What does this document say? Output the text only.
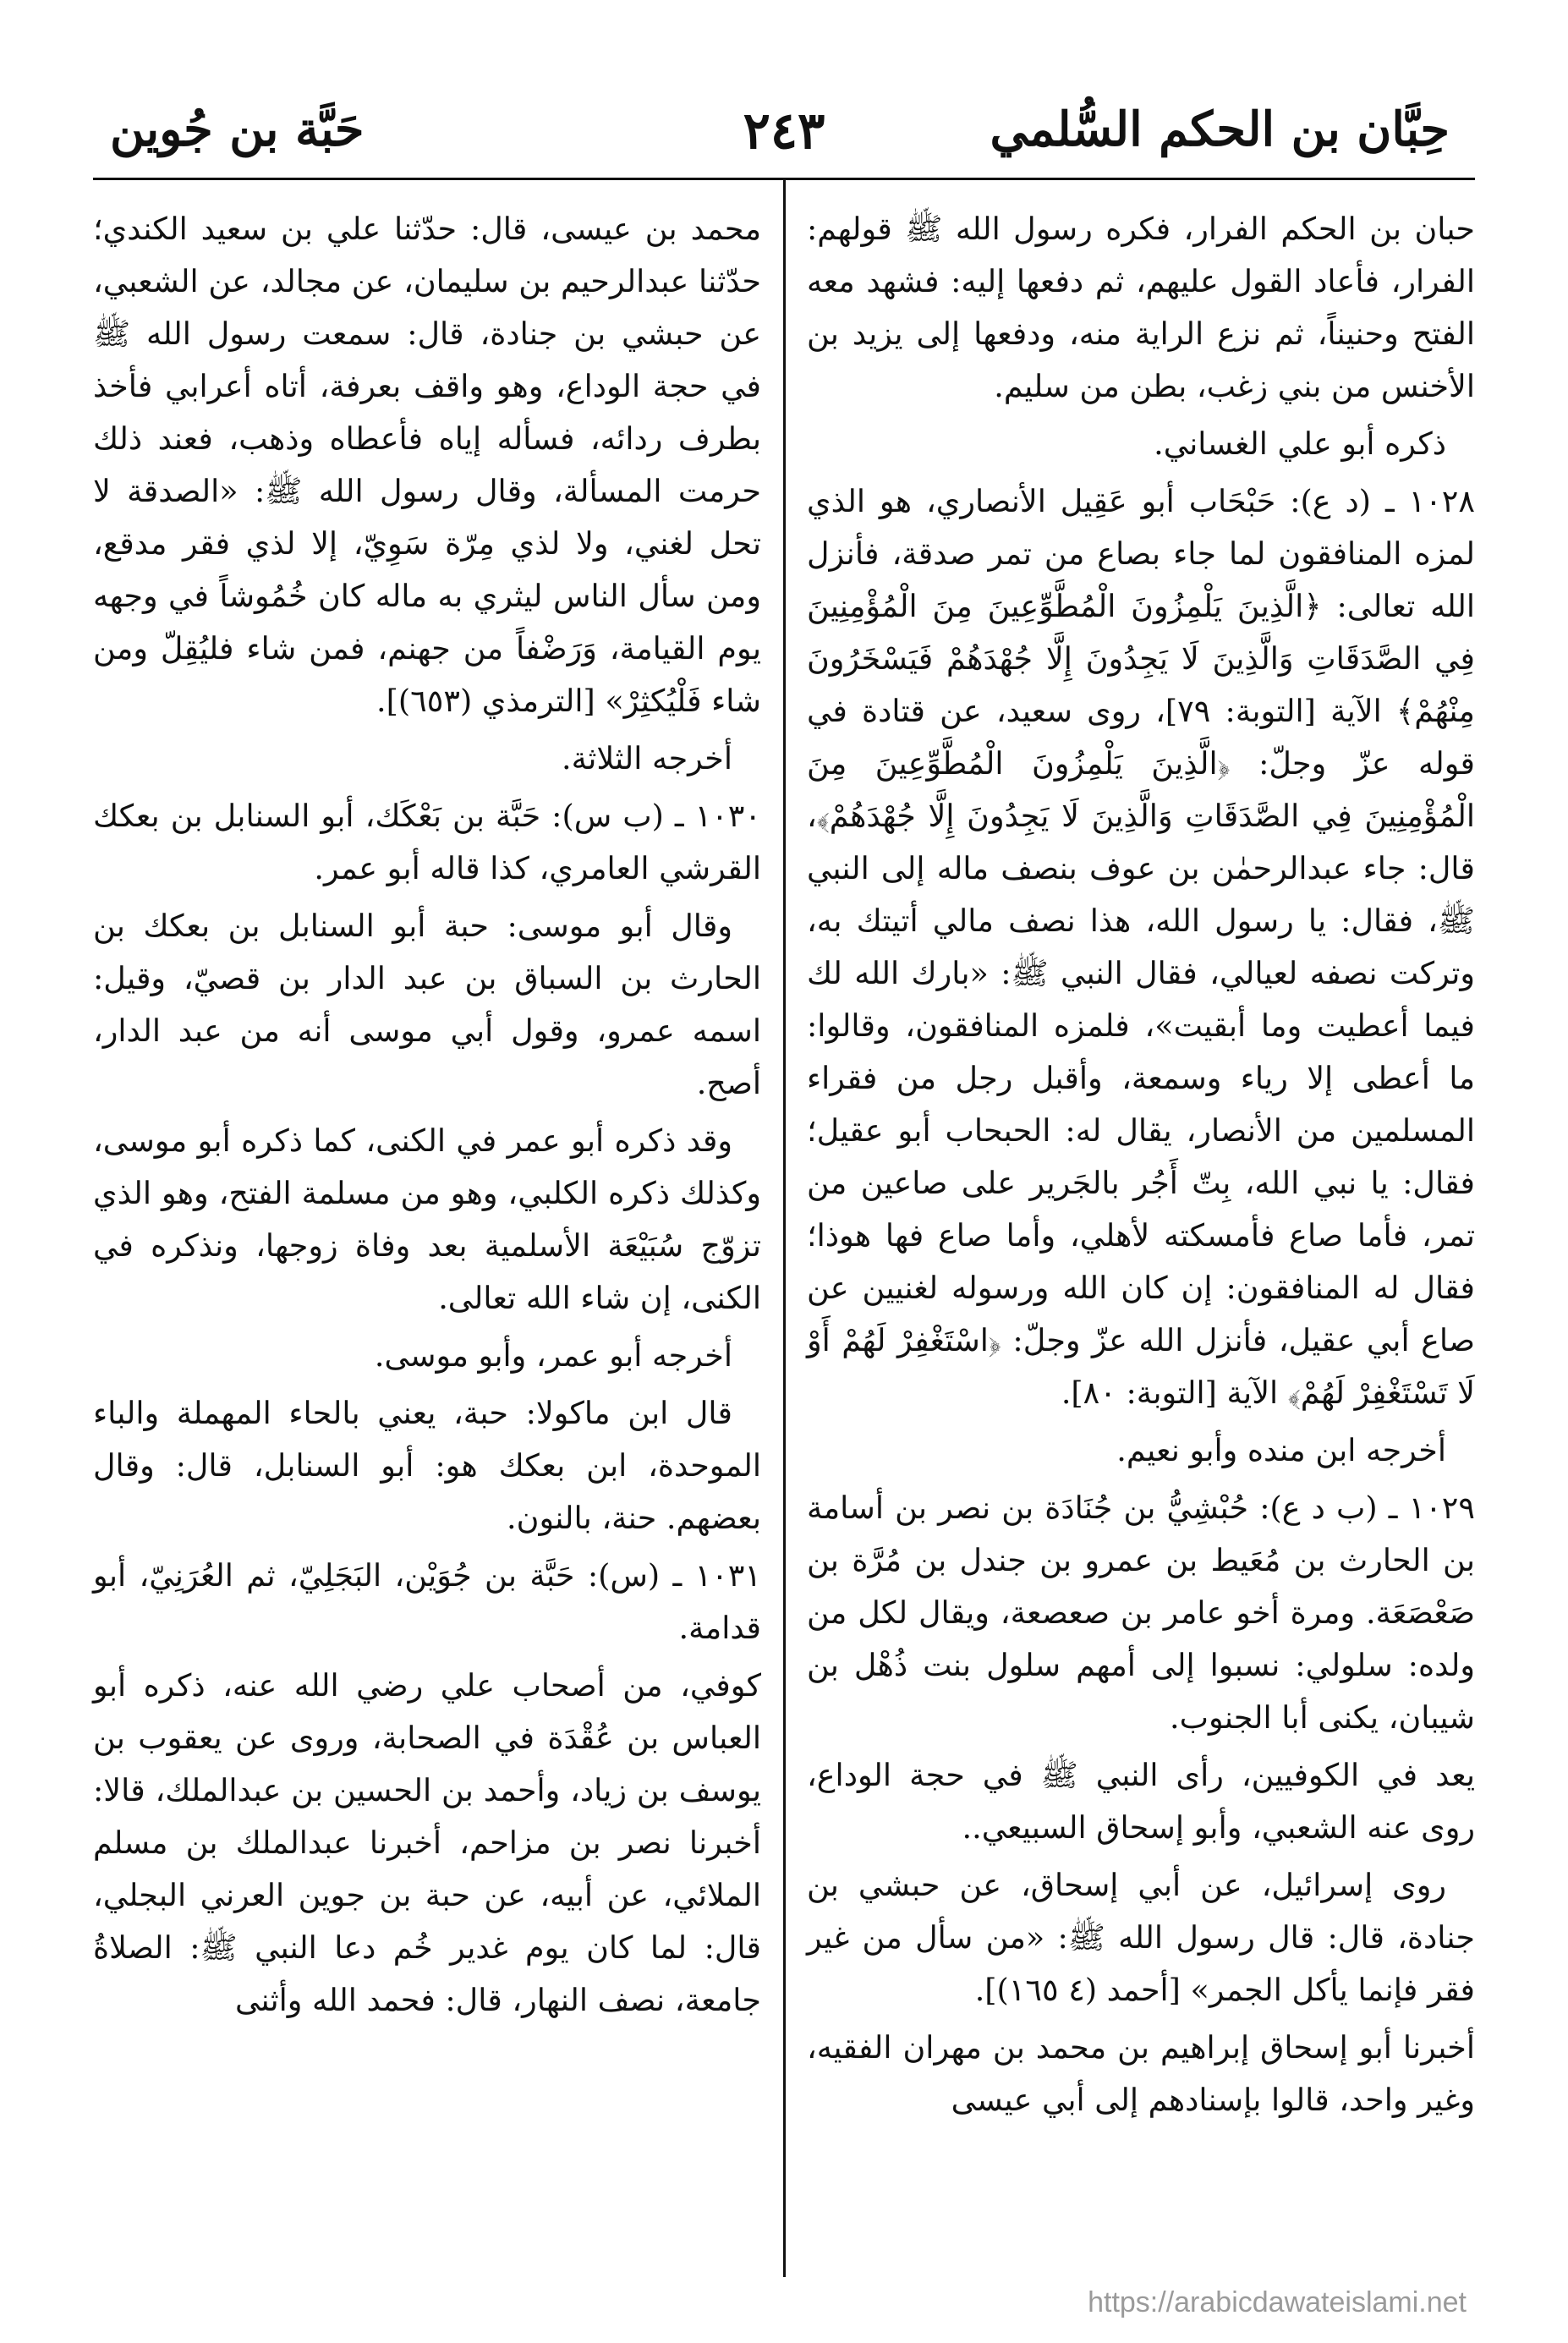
حِبَّان بن الحكم السُّلمي
٢٤٣
حَبَّة بن جُوين

حبان بن الحكم الفرار، فكره رسول الله ﷺ قولهم: الفرار، فأعاد القول عليهم، ثم دفعها إليه: فشهد معه الفتح وحنيناً، ثم نزع الراية منه، ودفعها إلى يزيد بن الأخنس من بني زغب، بطن من سليم.

ذكره أبو علي الغساني.

١٠٢٨ ـ (د ع): حَبْحَاب أبو عَقِيل الأنصاري، هو الذي لمزه المنافقون لما جاء بصاع من تمر صدقة، فأنزل الله تعالى: ﴿الَّذِينَ يَلْمِزُونَ الْمُطَّوِّعِينَ مِنَ الْمُؤْمِنِينَ فِي الصَّدَقَاتِ وَالَّذِينَ لَا يَجِدُونَ إِلَّا جُهْدَهُمْ فَيَسْخَرُونَ مِنْهُمْ﴾ الآية [التوبة: ٧٩]، روى سعيد، عن قتادة في قوله عزّ وجلّ: ﴿الَّذِينَ يَلْمِزُونَ الْمُطَّوِّعِينَ مِنَ الْمُؤْمِنِينَ فِي الصَّدَقَاتِ وَالَّذِينَ لَا يَجِدُونَ إِلَّا جُهْدَهُمْ﴾، قال: جاء عبدالرحمٰن بن عوف بنصف ماله إلى النبي ﷺ، فقال: يا رسول الله، هذا نصف مالي أتيتك به، وتركت نصفه لعيالي، فقال النبي ﷺ: «بارك الله لك فيما أعطيت وما أبقيت»، فلمزه المنافقون، وقالوا: ما أعطى إلا رياء وسمعة، وأقبل رجل من فقراء المسلمين من الأنصار، يقال له: الحبحاب أبو عقيل؛ فقال: يا نبي الله، بِتّ أَجُر بالجَرير على صاعين من تمر، فأما صاع فأمسكته لأهلي، وأما صاع فها هوذا؛ فقال له المنافقون: إن كان الله ورسوله لغنيين عن صاع أبي عقيل، فأنزل الله عزّ وجلّ: ﴿اسْتَغْفِرْ لَهُمْ أَوْ لَا تَسْتَغْفِرْ لَهُمْ﴾ الآية [التوبة: ٨٠].

أخرجه ابن منده وأبو نعيم.

١٠٢٩ ـ (ب د ع): حُبْشِيُّ بن جُنَادَة بن نصر بن أسامة بن الحارث بن مُعَيط بن عمرو بن جندل بن مُرَّة بن صَعْصَعَة. ومرة أخو عامر بن صعصعة، ويقال لكل من ولده: سلولي: نسبوا إلى أمهم سلول بنت ذُهْل بن شيبان، يكنى أبا الجنوب.

يعد في الكوفيين، رأى النبي ﷺ في حجة الوداع، روى عنه الشعبي، وأبو إسحاق السبيعي..

روى إسرائيل، عن أبي إسحاق، عن حبشي بن جنادة، قال: قال رسول الله ﷺ: «من سأل من غير فقر فإنما يأكل الجمر» [أحمد (٤ ١٦٥)].

أخبرنا أبو إسحاق إبراهيم بن محمد بن مهران الفقيه، وغير واحد، قالوا بإسنادهم إلى أبي عيسى

محمد بن عيسى، قال: حدّثنا علي بن سعيد الكندي؛ حدّثنا عبدالرحيم بن سليمان، عن مجالد، عن الشعبي، عن حبشي بن جنادة، قال: سمعت رسول الله ﷺ في حجة الوداع، وهو واقف بعرفة، أتاه أعرابي فأخذ بطرف ردائه، فسأله إياه فأعطاه وذهب، فعند ذلك حرمت المسألة، وقال رسول الله ﷺ: «الصدقة لا تحل لغني، ولا لذي مِرّة سَوِيّ، إلا لذي فقر مدقع، ومن سأل الناس ليثري به ماله كان خُمُوشاً في وجهه يوم القيامة، وَرَضْفاً من جهنم، فمن شاء فليُقِلّ ومن شاء فَلْيُكثِرْ» [الترمذي (٦٥٣)].

أخرجه الثلاثة.

١٠٣٠ ـ (ب س): حَبَّة بن بَعْكَك، أبو السنابل بن بعكك القرشي العامري، كذا قاله أبو عمر.

وقال أبو موسى: حبة أبو السنابل بن بعكك بن الحارث بن السباق بن عبد الدار بن قصيّ، وقيل: اسمه عمرو، وقول أبي موسى أنه من عبد الدار، أصح.

وقد ذكره أبو عمر في الكنى، كما ذكره أبو موسى، وكذلك ذكره الكلبي، وهو من مسلمة الفتح، وهو الذي تزوّج سُبَيْعَة الأسلمية بعد وفاة زوجها، ونذكره في الكنى، إن شاء الله تعالى.

أخرجه أبو عمر، وأبو موسى.

قال ابن ماكولا: حبة، يعني بالحاء المهملة والباء الموحدة، ابن بعكك هو: أبو السنابل، قال: وقال بعضهم. حنة، بالنون.

١٠٣١ ـ (س): حَبَّة بن جُوَيْن، البَجَلِيّ، ثم العُرَنِيّ، أبو قدامة.

كوفي، من أصحاب علي رضي الله عنه، ذكره أبو العباس بن عُقْدَة في الصحابة، وروى عن يعقوب بن يوسف بن زياد، وأحمد بن الحسين بن عبدالملك، قالا: أخبرنا نصر بن مزاحم، أخبرنا عبدالملك بن مسلم الملائي، عن أبيه، عن حبة بن جوين العرني البجلي، قال: لما كان يوم غدير خُم دعا النبي ﷺ: الصلاةُ جامعة، نصف النهار، قال: فحمد الله وأثنى

https://arabicdawateislami.net
